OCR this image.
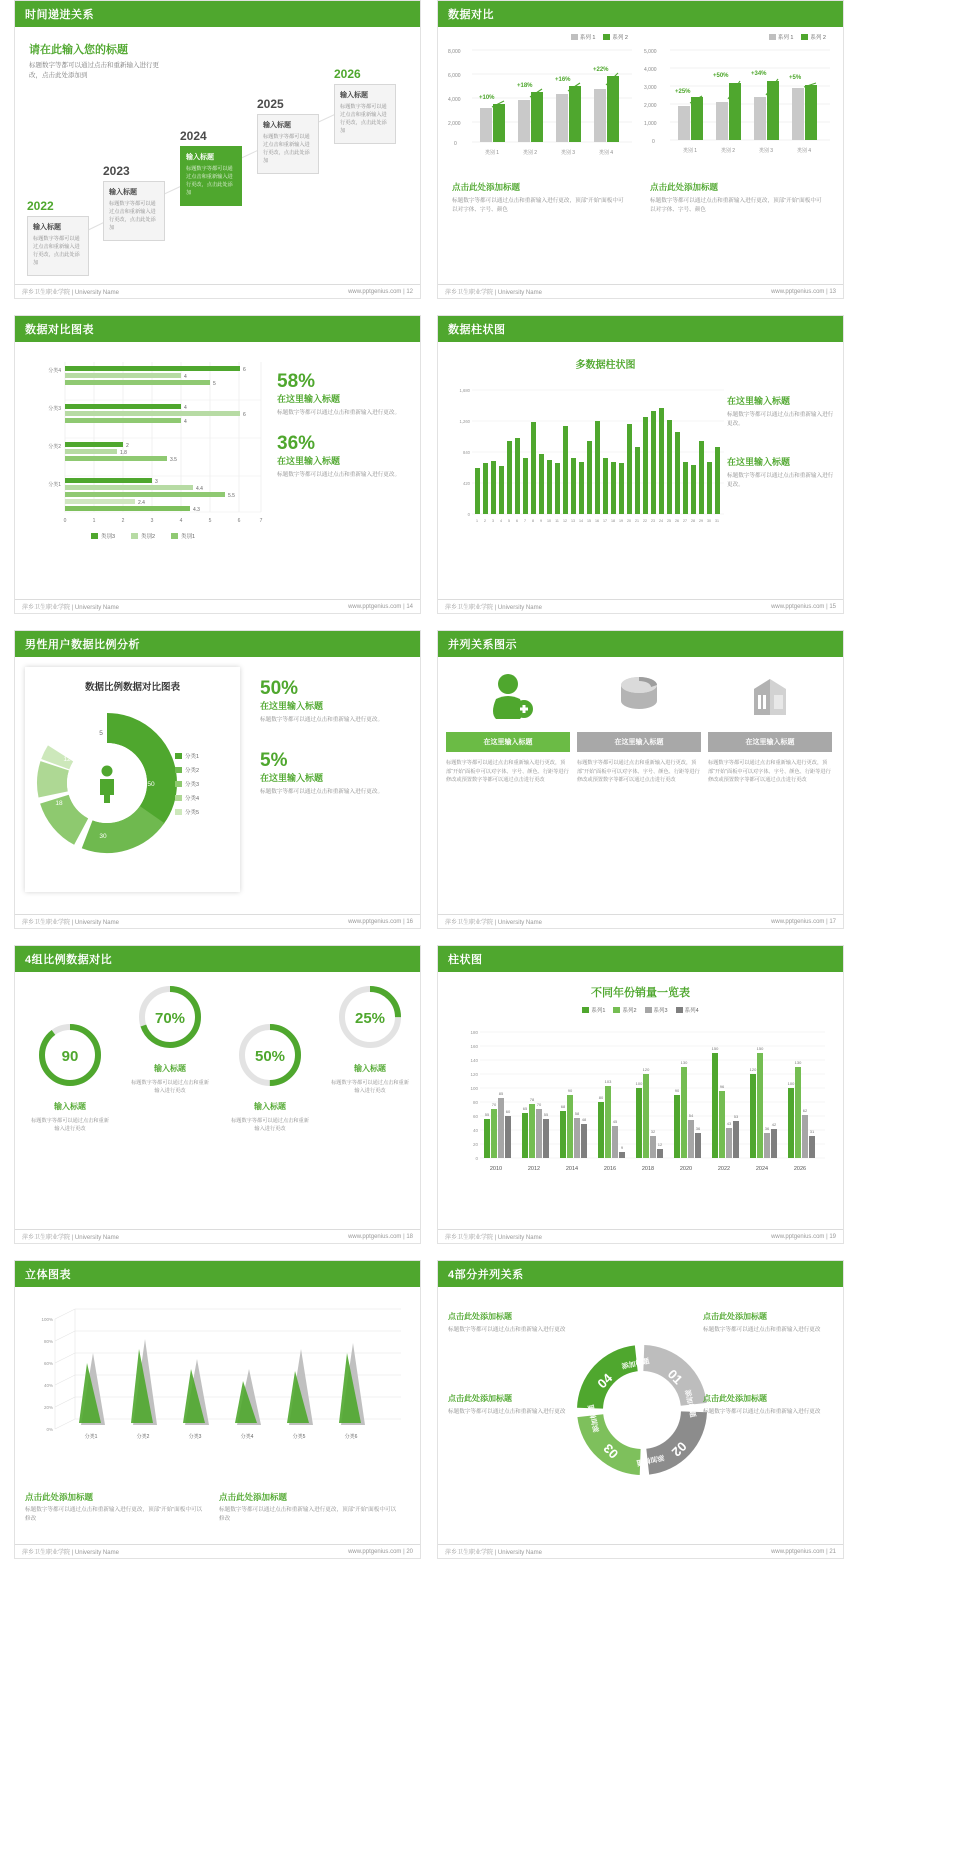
时间递进关系
请在此输入您的标题
标题数字等都可以通过点击和重新输入进行更改，点击此处添加到
2022
输入标题
标题数字等都可以通过点击和重新输入进行更改，点击此处添加
2023
输入标题
标题数字等都可以通过点击和重新输入进行更改，点击此处添加
2024
输入标题
标题数字等都可以通过点击和重新输入进行更改，点击此处添加
2025
输入标题
标题数字等都可以通过点击和重新输入进行更改，点击此处添加
2026
输入标题
标题数字等都可以通过点击和重新输入进行更改，点击此处添加
萍乡卫生职业学院 | University Name	www.pptgenius.com | 12
数据对比
系列 1	系列 2
8,000
6,000
4,000
2,000
0
+10%
+18%
+16%
+22%
类别 1	类别 2	类别 3	类别 4
系列 1	系列 2
5,000
4,000
3,000
2,000
1,000
0
+25%
+50%	+34%
+5%
类别 1	类别 2	类别 3	类别 4
点击此处添加标题
标题数字等都可以通过点击和重新输入进行更改，顶部“开始”面板中可以对字体、字号、颜色
点击此处添加标题
标题数字等都可以通过点击和重新输入进行更改，顶部“开始”面板中可以对字体、字号、颜色
萍乡卫生职业学院 | University Name	www.pptgenius.com | 13
数据对比图表
6
4
5
4
6
4
2
1.8
3.5
3
4.4
5.5
2.4
4.3
分类4
分类3
分类2
分类1
0	1	2	3	4	5	6	7
类别3	类别2	类别1
58%
在这里输入标题
标题数字等都可以通过点击和重新输入进行更改。
36%
在这里输入标题
标题数字等都可以通过点击和重新输入进行更改。
萍乡卫生职业学院 | University Name	www.pptgenius.com | 14
数据柱状图
多数据柱状图
1,680
1,260
840
420
0
1 2 3 4 5 6 7 8 9 10 11 12 13 14 15 16 17 18 19 20 21 22 23 24 25 26 27 28 29 30 31
在这里输入标题
标题数字等都可以通过点击和重新输入进行更改。
在这里输入标题
标题数字等都可以通过点击和重新输入进行更改。
萍乡卫生职业学院 | University Name	www.pptgenius.com | 15
男性用户数据比例分析
数据比例数据对比图表
50
30
18
12
5
分类1
分类2
分类3
分类4
分类5
50%
在这里输入标题
标题数字等都可以通过点击和重新输入进行更改。
5%
在这里输入标题
标题数字等都可以通过点击和重新输入进行更改。
萍乡卫生职业学院 | University Name	www.pptgenius.com | 16
并列关系图示
在这里输入标题
标题数字等都可以通过点击和重新输入进行更改，顶部“开始”面板中可以对字体、字号、颜色、行距等进行修改或预置数字等都可以通过点击进行更改
在这里输入标题
标题数字等都可以通过点击和重新输入进行更改，顶部“开始”面板中可以对字体、字号、颜色、行距等进行修改或预置数字等都可以通过点击进行更改
在这里输入标题
标题数字等都可以通过点击和重新输入进行更改，顶部“开始”面板中可以对字体、字号、颜色、行距等进行修改或预置数字等都可以通过点击进行更改
萍乡卫生职业学院 | University Name	www.pptgenius.com | 17
4组比例数据对比
90
输入标题
标题数字等都可以通过点击和重新输入进行更改
70%
输入标题
标题数字等都可以通过点击和重新输入进行更改
50%
输入标题
标题数字等都可以通过点击和重新输入进行更改
25%
输入标题
标题数字等都可以通过点击和重新输入进行更改
萍乡卫生职业学院 | University Name	www.pptgenius.com | 18
柱状图
不同年份销量一览表
系列1	系列2	系列3	系列4
180
160
140
120
100
80
60
40
20
0
55
70
85
60
65
78
70
55
68
90
58
48
80
103
45
9
100
120
32
12
90
130
54
36
150
96
43
53
120
150
36
42
100
130
62
31
2010	2012	2014	2016	2018	2020	2022	2024	2026
萍乡卫生职业学院 | University Name	www.pptgenius.com | 19
立体图表
100%
80%
60%
40%
20%
0%
分类1	分类2	分类3	分类4	分类5	分类6
点击此处添加标题
标题数字等都可以通过点击和重新输入进行更改，顶部“开始”面板中可以修改
点击此处添加标题
标题数字等都可以通过点击和重新输入进行更改，顶部“开始”面板中可以修改
萍乡卫生职业学院 | University Name	www.pptgenius.com | 20
4部分并列关系
点击此处添加标题
标题数字等都可以通过点击和重新输入进行更改
点击此处添加标题
标题数字等都可以通过点击和重新输入进行更改
01
02
03
04
添加标题
添加标题
添加标题
添加标题
点击此处添加标题
标题数字等都可以通过点击和重新输入进行更改
点击此处添加标题
标题数字等都可以通过点击和重新输入进行更改
萍乡卫生职业学院 | University Name	www.pptgenius.com | 21
